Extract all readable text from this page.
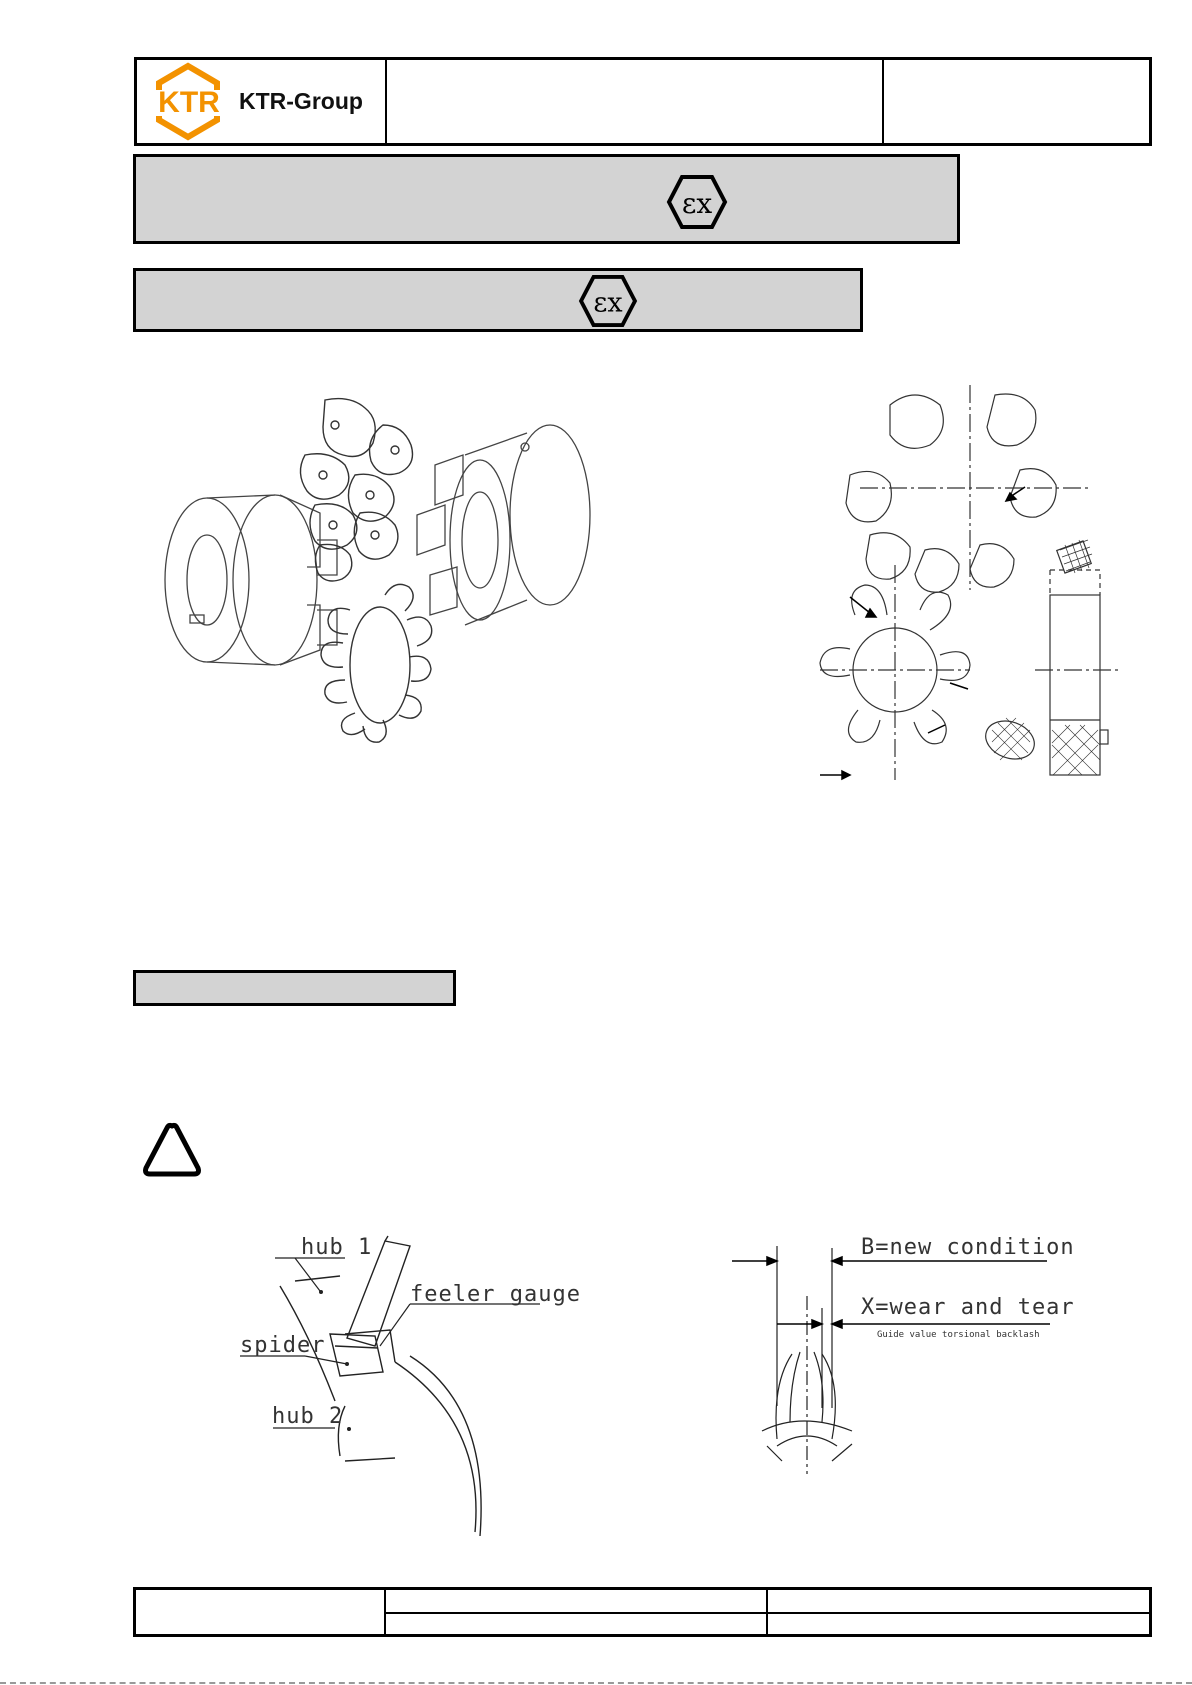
KTR KTR-Group
εx
εx
hub 1
feeler gauge
spider
hub 2
B=new condition
X=wear and tear
Guide value torsional backlash
